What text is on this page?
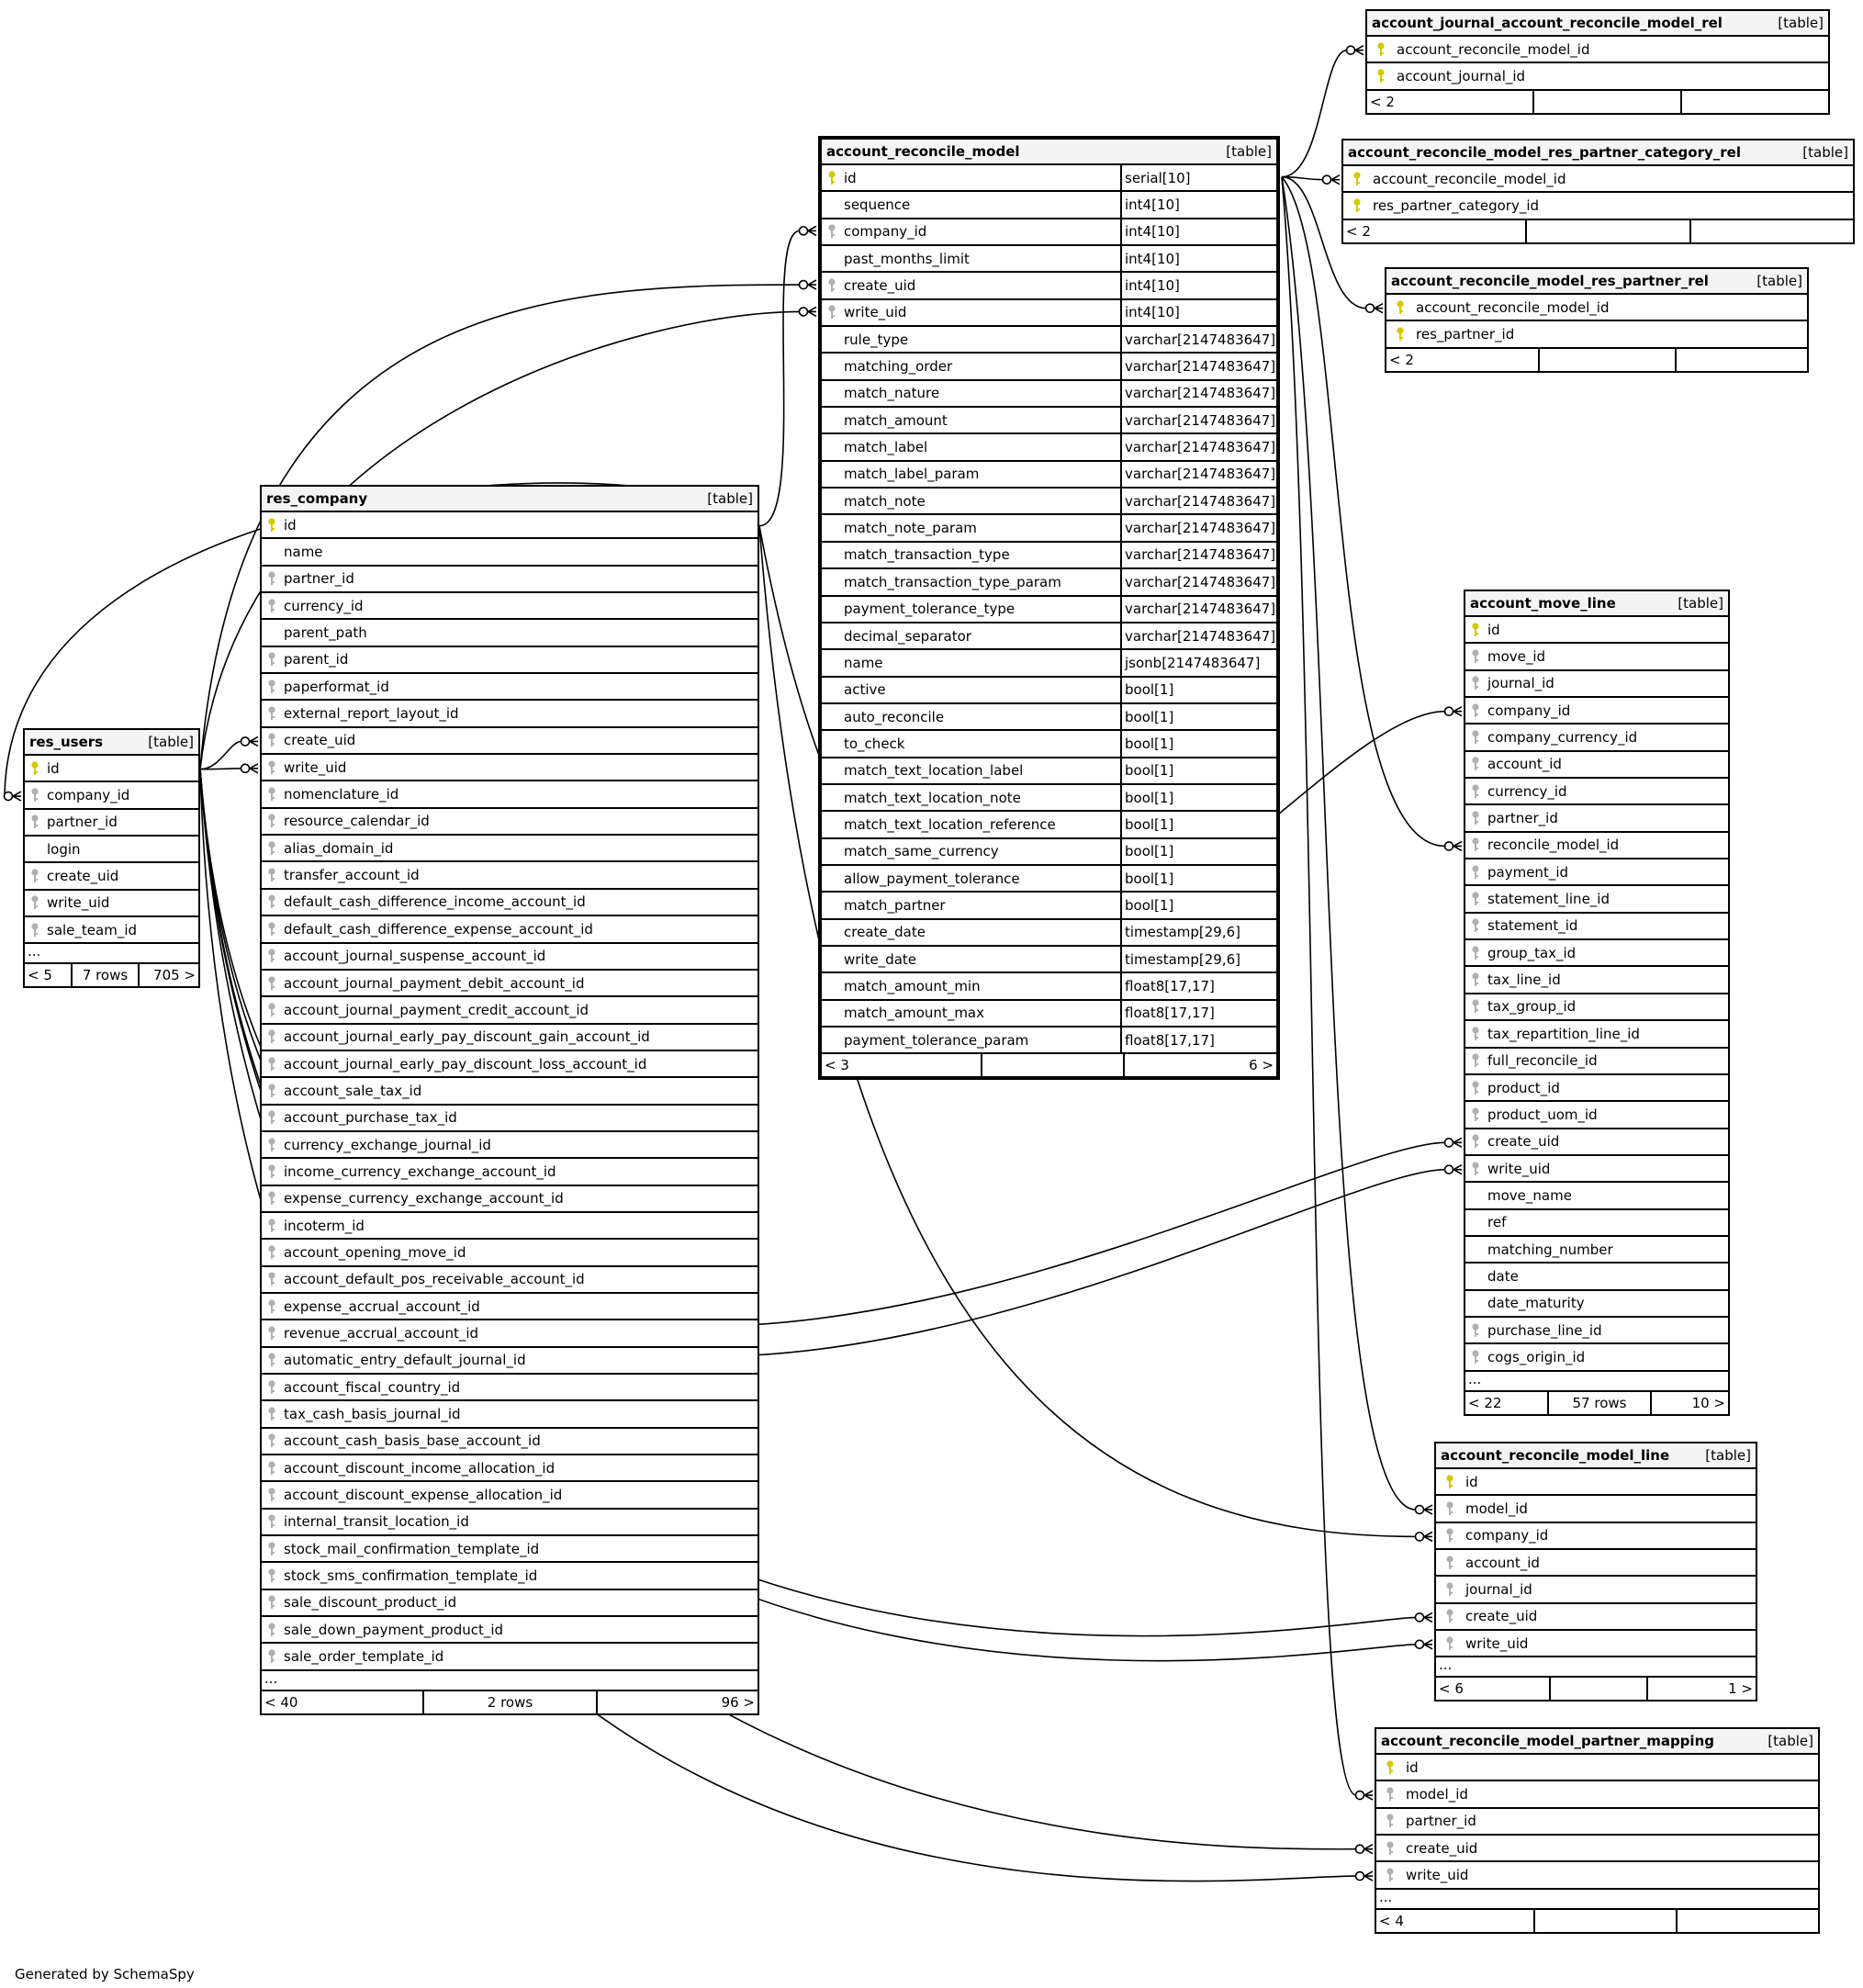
account_journal_account_reconcile_model_rel	[table]
account_reconcile_model_id
account_journal_id
< 2
account_reconcile_model_res_partner_category_rel	[table]
account_reconcile_model_id
res_partner_category_id
< 2
account_reconcile_model_res_partner_rel	[table]
account_reconcile_model_id
res_partner_id
< 2
account_reconcile_model	[table]
id	serial[10]
sequence	int4[10]
company_id	int4[10]
past_months_limit	int4[10]
create_uid	int4[10]
write_uid	int4[10]
rule_type	varchar[2147483647]
matching_order	varchar[2147483647]
match_nature	varchar[2147483647]
match_amount	varchar[2147483647]
match_label	varchar[2147483647]
match_label_param	varchar[2147483647]
match_note	varchar[2147483647]
match_note_param	varchar[2147483647]
match_transaction_type	varchar[2147483647]
match_transaction_type_param	varchar[2147483647]
payment_tolerance_type	varchar[2147483647]
decimal_separator	varchar[2147483647]
name	jsonb[2147483647]
active	bool[1]
auto_reconcile	bool[1]
to_check	bool[1]
match_text_location_label	bool[1]
match_text_location_note	bool[1]
match_text_location_reference	bool[1]
match_same_currency	bool[1]
allow_payment_tolerance	bool[1]
match_partner	bool[1]
create_date	timestamp[29,6]
write_date	timestamp[29,6]
match_amount_min	float8[17,17]
match_amount_max	float8[17,17]
payment_tolerance_param	float8[17,17]
< 3	6 >
res_company	[table]
id
name
partner_id
currency_id
parent_path
parent_id
paperformat_id
external_report_layout_id
create_uid
write_uid
nomenclature_id
resource_calendar_id
alias_domain_id
transfer_account_id
default_cash_difference_income_account_id
default_cash_difference_expense_account_id
account_journal_suspense_account_id
account_journal_payment_debit_account_id
account_journal_payment_credit_account_id
account_journal_early_pay_discount_gain_account_id
account_journal_early_pay_discount_loss_account_id
account_sale_tax_id
account_purchase_tax_id
currency_exchange_journal_id
income_currency_exchange_account_id
expense_currency_exchange_account_id
incoterm_id
account_opening_move_id
account_default_pos_receivable_account_id
expense_accrual_account_id
revenue_accrual_account_id
automatic_entry_default_journal_id
account_fiscal_country_id
tax_cash_basis_journal_id
account_cash_basis_base_account_id
account_discount_income_allocation_id
account_discount_expense_allocation_id
internal_transit_location_id
stock_mail_confirmation_template_id
stock_sms_confirmation_template_id
sale_discount_product_id
sale_down_payment_product_id
sale_order_template_id
...
< 40	2 rows	96 >
res_users	[table]
id
company_id
partner_id
login
create_uid
write_uid
sale_team_id
...
< 5	7 rows	705 >
account_move_line	[table]
id
move_id
journal_id
company_id
company_currency_id
account_id
currency_id
partner_id
reconcile_model_id
payment_id
statement_line_id
statement_id
group_tax_id
tax_line_id
tax_group_id
tax_repartition_line_id
full_reconcile_id
product_id
product_uom_id
create_uid
write_uid
move_name
ref
matching_number
date
date_maturity
purchase_line_id
cogs_origin_id
...
< 22	57 rows	10 >
account_reconcile_model_line	[table]
id
model_id
company_id
account_id
journal_id
create_uid
write_uid
...
< 6	1 >
account_reconcile_model_partner_mapping	[table]
id
model_id
partner_id
create_uid
write_uid
...
< 4
Generated by SchemaSpy
